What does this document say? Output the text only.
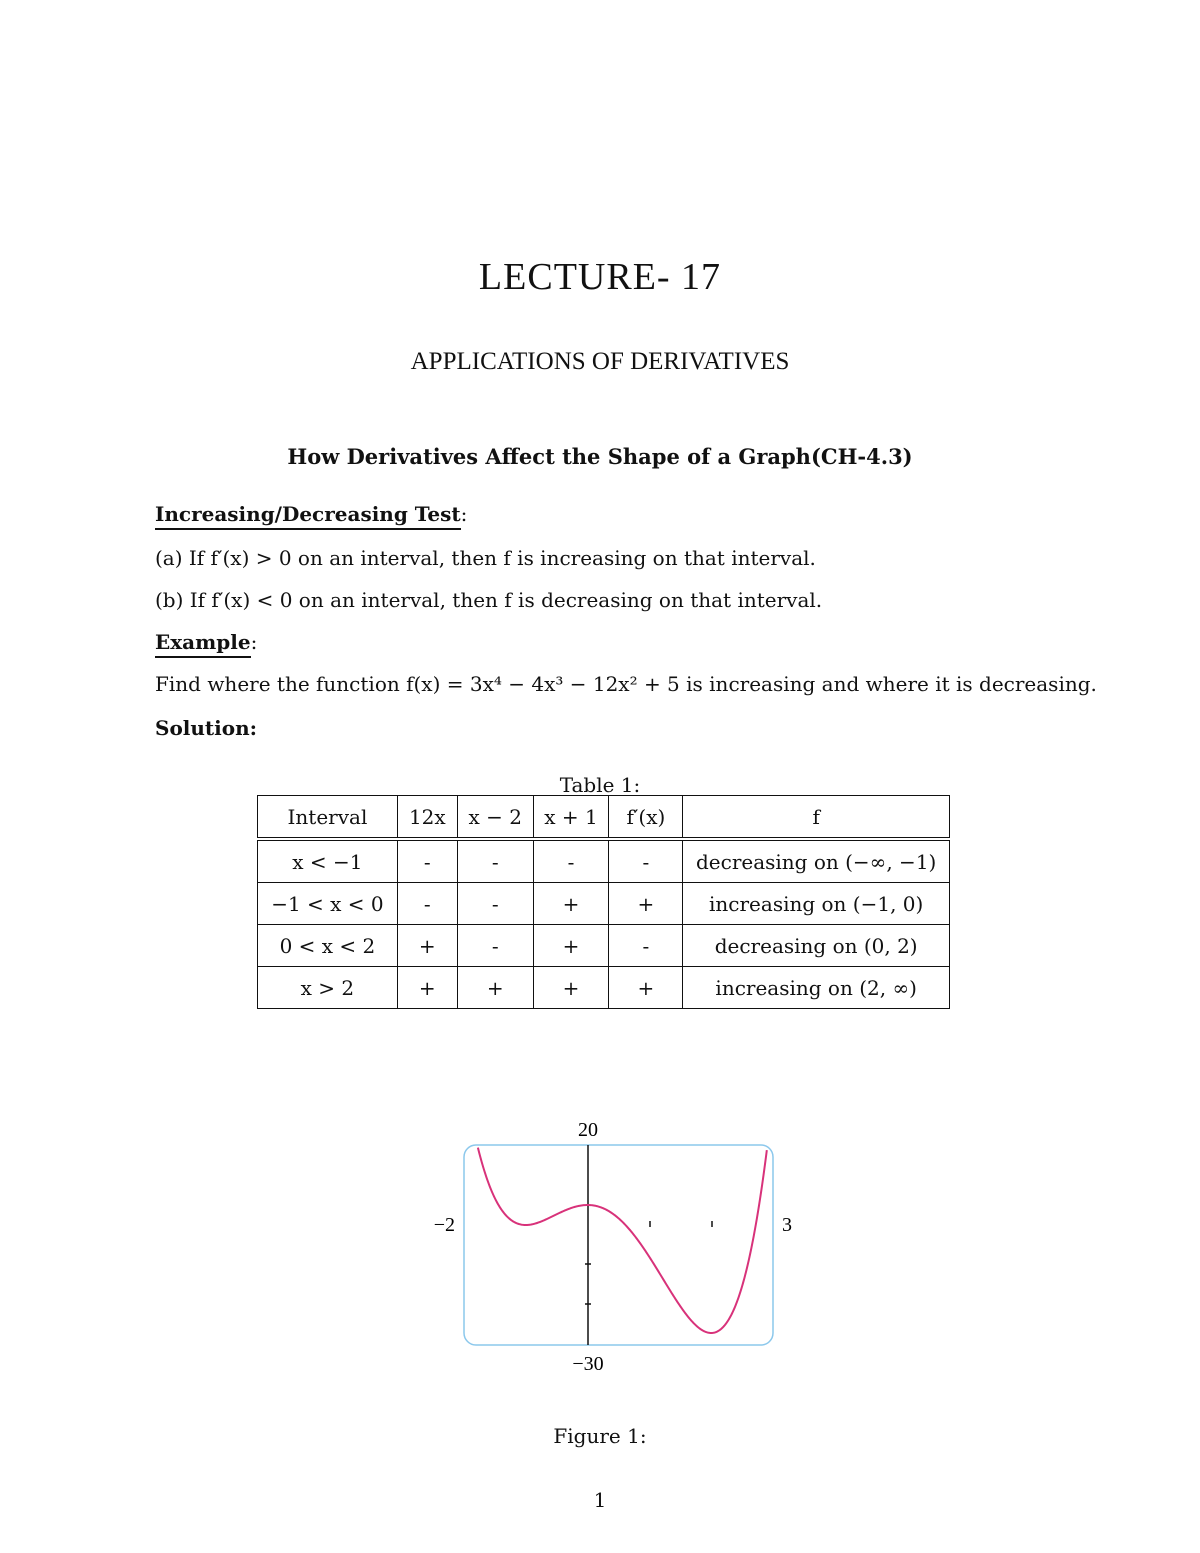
LECTURE- 17
APPLICATIONS OF DERIVATIVES
How Derivatives Affect the Shape of a Graph(CH-4.3)
Increasing/Decreasing Test:
(a) If f′(x) > 0 on an interval, then f is increasing on that interval.
(b) If f′(x) < 0 on an interval, then f is decreasing on that interval.
Example:
Find where the function f(x) = 3x⁴ − 4x³ − 12x² + 5 is increasing and where it is decreasing.
Solution:
Table 1:
Interval	12x	x − 2	x + 1	f′(x)	f
x < −1	-	-	-	-	decreasing on (−∞, −1)
−1 < x < 0	-	-	+	+	increasing on (−1, 0)
0 < x < 2	+	-	+	-	decreasing on (0, 2)
x > 2	+	+	+	+	increasing on (2, ∞)
20
−30
−2	3
Figure 1:
1
